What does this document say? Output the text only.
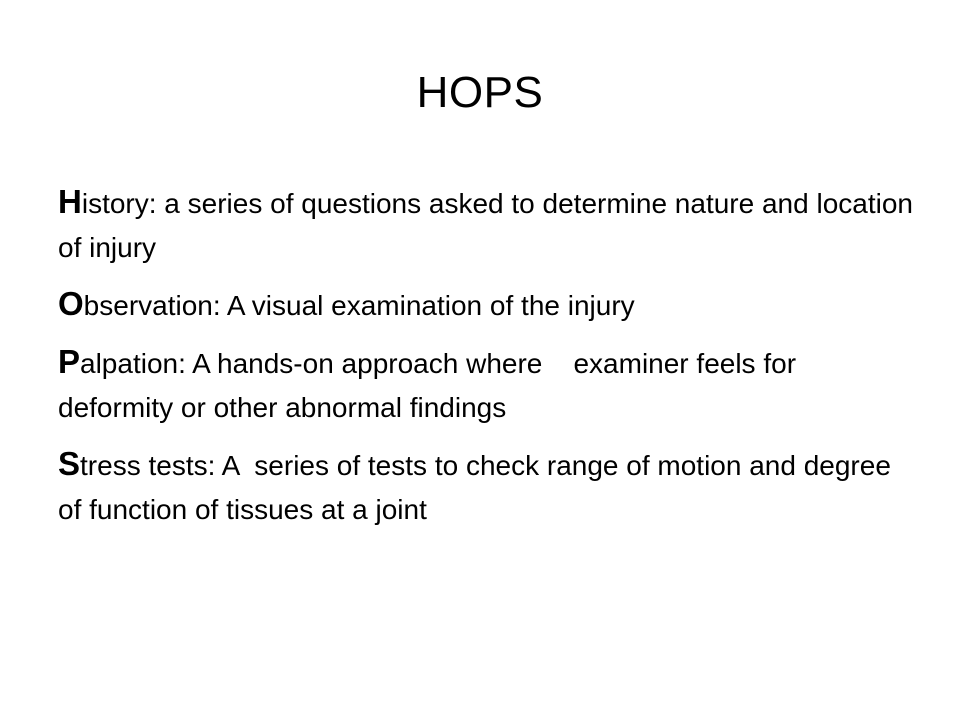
HOPS
History: a series of questions asked to determine nature and location of injury
Observation: A visual examination of the injury
Palpation: A hands-on approach where    examiner feels for deformity or other abnormal findings
Stress tests: A  series of tests to check range of motion and degree of function of tissues at a joint
